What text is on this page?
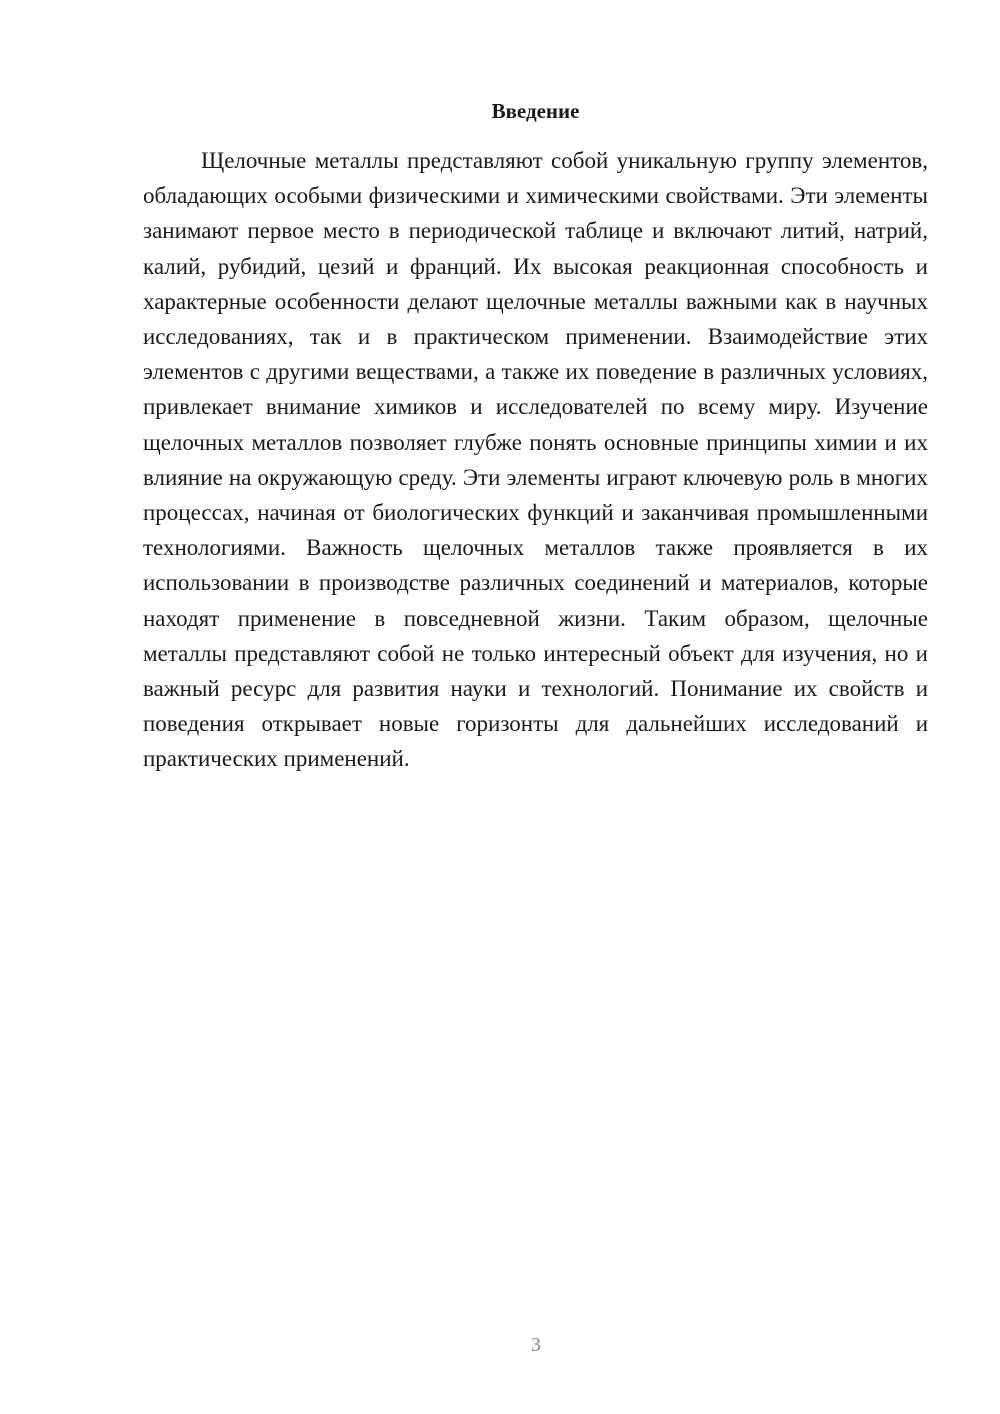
Введение

Щелочные металлы представляют собой уникальную группу элементов, обладающих особыми физическими и химическими свойствами. Эти элементы занимают первое место в периодической таблице и включают литий, натрий, калий, рубидий, цезий и франций. Их высокая реакционная способность и характерные особенности делают щелочные металлы важными как в научных исследованиях, так и в практическом применении. Взаимодействие этих элементов с другими веществами, а также их поведение в различных условиях, привлекает внимание химиков и исследователей по всему миру. Изучение щелочных металлов позволяет глубже понять основные принципы химии и их влияние на окружающую среду. Эти элементы играют ключевую роль в многих процессах, начиная от биологических функций и заканчивая промышленными технологиями. Важность щелочных металлов также проявляется в их использовании в производстве различных соединений и материалов, которые находят применение в повседневной жизни. Таким образом, щелочные металлы представляют собой не только интересный объект для изучения, но и важный ресурс для развития науки и технологий. Понимание их свойств и поведения открывает новые горизонты для дальнейших исследований и практических применений.

3
